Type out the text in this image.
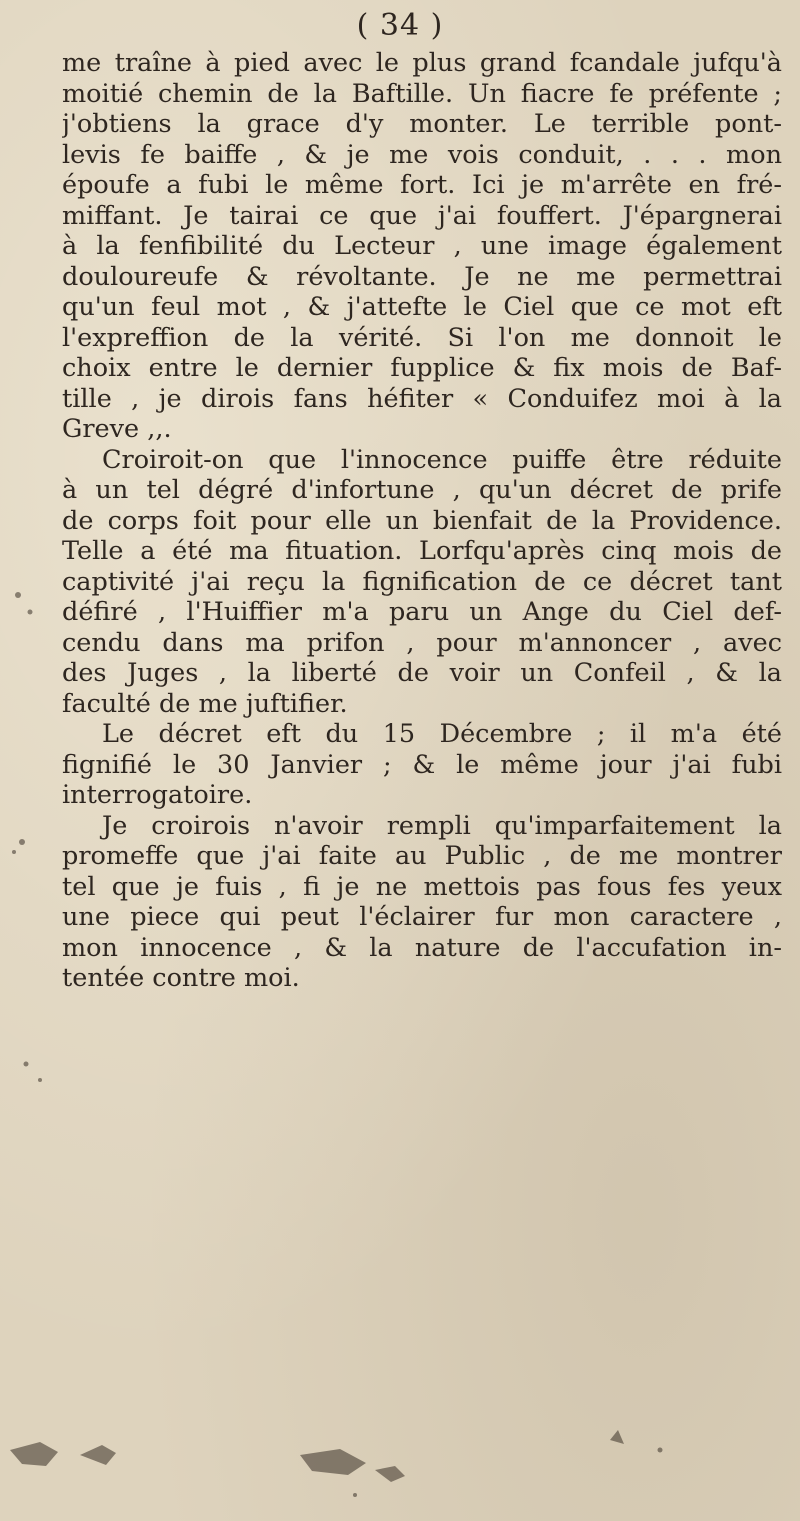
( 34 )
me traîne à pied avec le plus grand fcandale jufqu'à
moitié chemin de la Baftille. Un fiacre fe préfente ;
j'obtiens la grace d'y monter. Le terrible pont-
levis fe baiffe , & je me vois conduit, . . . mon
époufe a fubi le même fort. Ici je m'arrête en fré-
miffant. Je tairai ce que j'ai fouffert. J'épargnerai
à la fenfibilité du Lecteur , une image également
douloureufe & révoltante. Je ne me permettrai
qu'un feul mot , & j'attefte le Ciel que ce mot eft
l'expreffion de la vérité. Si l'on me donnoit le
choix entre le dernier fupplice & fix mois de Baf-
tille , je dirois fans héfiter « Conduifez moi à la
Greve ,,.
Croiroit-on que l'innocence puiffe être réduite
à un tel dégré d'infortune , qu'un décret de prife
de corps foit pour elle un bienfait de la Providence.
Telle a été ma fituation. Lorfqu'après cinq mois de
captivité j'ai reçu la fignification de ce décret tant
défiré , l'Huiffier m'a paru un Ange du Ciel def-
cendu dans ma prifon , pour m'annoncer , avec
des Juges , la liberté de voir un Confeil , & la
faculté de me juftifier.
Le décret eft du 15 Décembre ; il m'a été
fignifié le 30 Janvier ; & le même jour j'ai fubi
interrogatoire.
Je croirois n'avoir rempli qu'imparfaitement la
promeffe que j'ai faite au Public , de me montrer
tel que je fuis , fi je ne mettois pas fous fes yeux
une piece qui peut l'éclairer fur mon caractere ,
mon innocence , & la nature de l'accufation in-
tentée contre moi.
